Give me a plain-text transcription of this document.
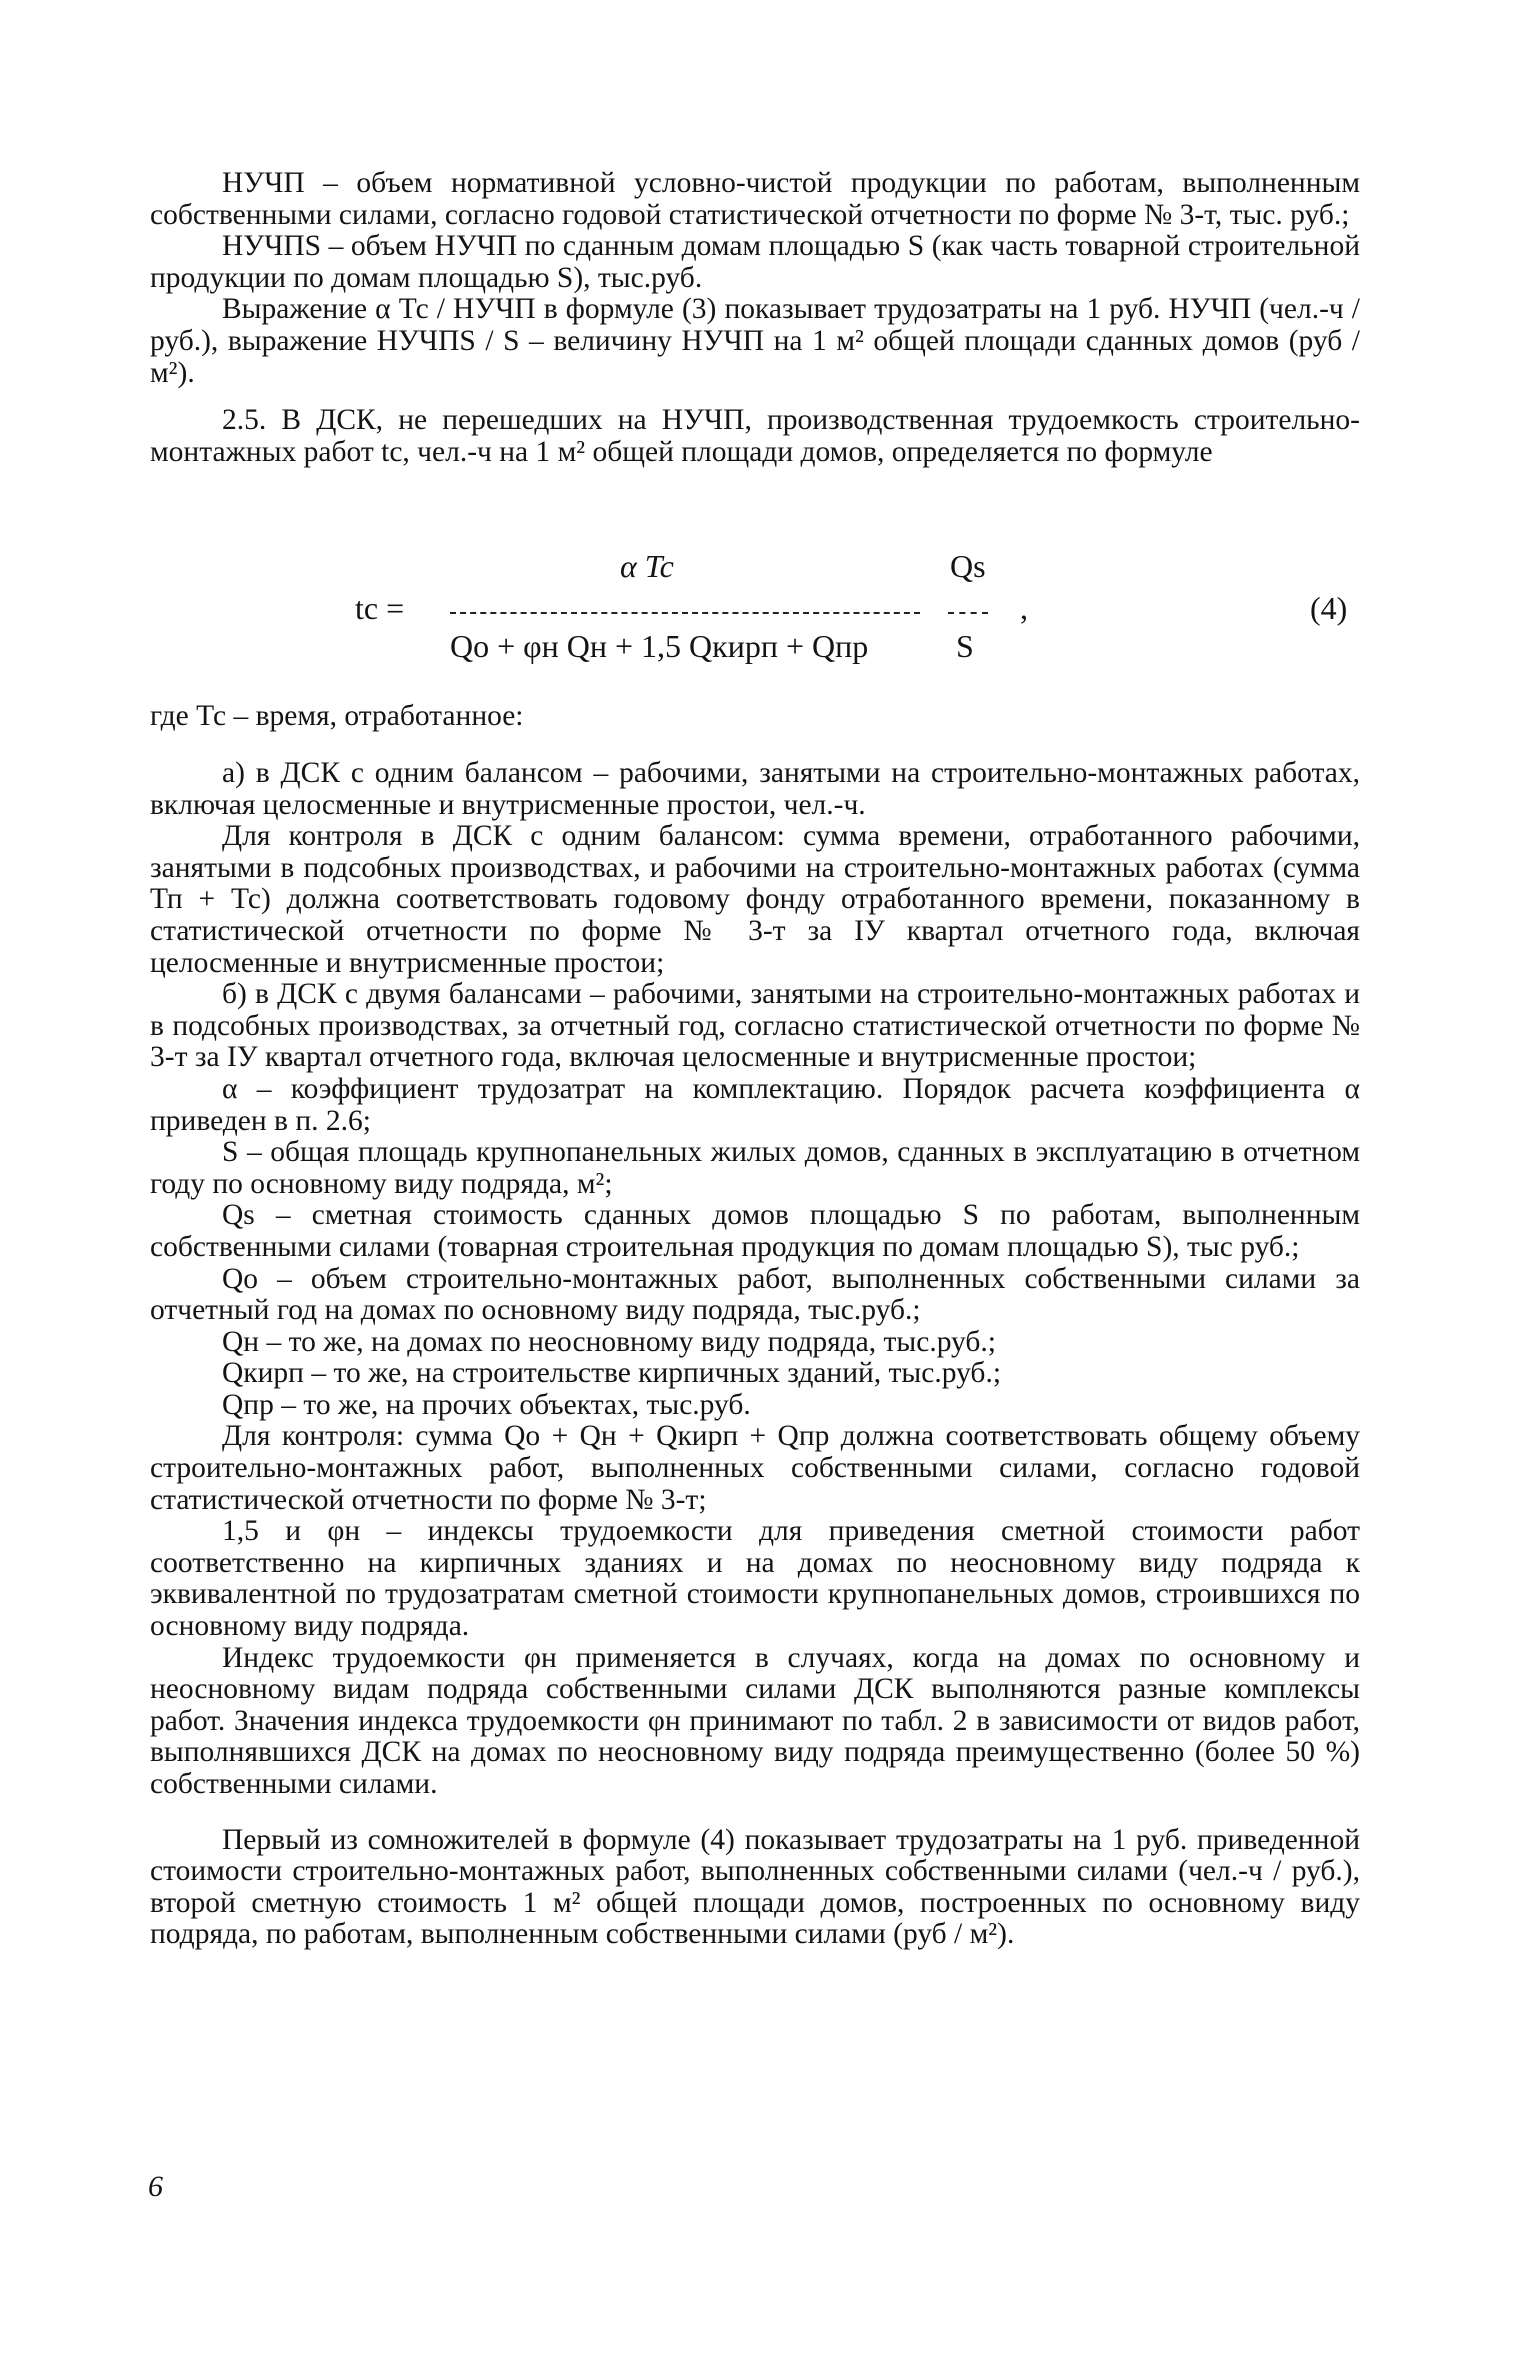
НУЧП – объем нормативной условно-чистой продукции по работам, выполненным собственными силами, согласно годовой статистической отчетности по форме № 3-т, тыс. руб.;

НУЧПS – объем НУЧП по сданным домам площадью S (как часть товарной строительной продукции по домам площадью S), тыс.руб.

Выражение α Тс / НУЧП в формуле (3) показывает трудозатраты на 1 руб. НУЧП (чел.-ч / руб.), выражение НУЧПS / S – величину НУЧП на 1 м² общей площади сданных домов (руб / м²).

2.5. В ДСК, не перешедших на НУЧП, производственная трудоемкость строительно-монтажных работ tc, чел.-ч на 1 м² общей площади домов, определяется по формуле

tc =
α Tc
Qo + φн Qн + 1,5 Qкирп + Qпр
Qs
S
,	(4)
где Тс – время, отработанное:

а) в ДСК с одним балансом – рабочими, занятыми на строительно-монтажных работах, включая целосменные и внутрисменные простои, чел.-ч.

Для контроля в ДСК с одним балансом: сумма времени, отработанного рабочими, занятыми в подсобных производствах, и рабочими на строительно-монтажных работах (сумма Тп + Тс) должна соответствовать годовому фонду отработанного времени, показанному в статистической отчетности по форме № 3-т за IУ квартал отчетного года, включая целосменные и внутрисменные простои;

б) в ДСК с двумя балансами – рабочими, занятыми на строительно-монтажных работах и в подсобных производствах, за отчетный год, согласно статистической отчетности по форме № 3-т за IУ квартал отчетного года, включая целосменные и внутрисменные простои;

α – коэффициент трудозатрат на комплектацию. Порядок расчета коэффициента α приведен в п. 2.6;

S – общая площадь крупнопанельных жилых домов, сданных в эксплуатацию в отчетном году по основному виду подряда, м²;

Qs – сметная стоимость сданных домов площадью S по работам, выполненным собственными силами (товарная строительная продукция по домам площадью S), тыс руб.;

Qo – объем строительно-монтажных работ, выполненных собственными силами за отчетный год на домах по основному виду подряда, тыс.руб.;

Qн – то же, на домах по неосновному виду подряда, тыс.руб.;

Qкирп – то же, на строительстве кирпичных зданий, тыс.руб.;

Qпр – то же, на прочих объектах, тыс.руб.

Для контроля: сумма Qo + Qн + Qкирп + Qпр должна соответствовать общему объему строительно-монтажных работ, выполненных собственными силами, согласно годовой статистической отчетности по форме № 3-т;

1,5 и φн – индексы трудоемкости для приведения сметной стоимости работ соответственно на кирпичных зданиях и на домах по неосновному виду подряда к эквивалентной по трудозатратам сметной стоимости крупнопанельных домов, строившихся по основному виду подряда.

Индекс трудоемкости φн применяется в случаях, когда на домах по основному и неосновному видам подряда собственными силами ДСК выполняются разные комплексы работ. Значения индекса трудоемкости φн принимают по табл. 2 в зависимости от видов работ, выполнявшихся ДСК на домах по неосновному виду подряда преимущественно (более 50 %) собственными силами.

Первый из сомножителей в формуле (4) показывает трудозатраты на 1 руб. приведенной стоимости строительно-монтажных работ, выполненных собственными силами (чел.-ч / руб.), второй сметную стоимость 1 м² общей площади домов, построенных по основному виду подряда, по работам, выполненным собственными силами (руб / м²).

6
